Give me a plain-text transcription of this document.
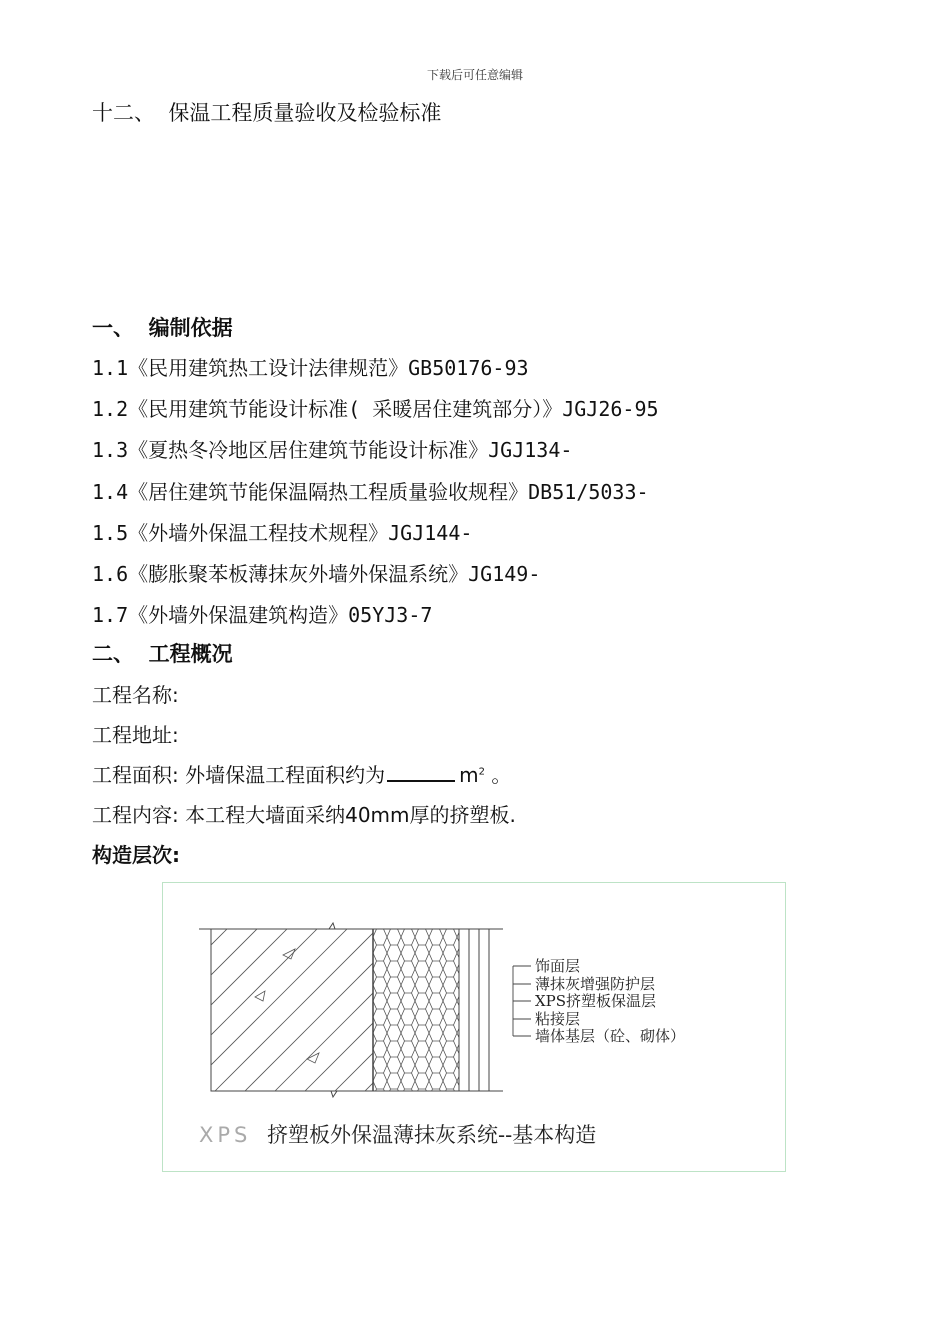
下载后可任意编辑
十二、  保温工程质量验收及检验标准
一、  编制依据
1.1《民用建筑热工设计法律规范》GB50176-93
1.2《民用建筑节能设计标准( 采暖居住建筑部分）》JGJ26-95
1.3《夏热冬冷地区居住建筑节能设计标准》JGJ134-
1.4《居住建筑节能保温隔热工程质量验收规程》DB51/5033-
1.5《外墙外保温工程技术规程》JGJ144-
1.6《膨胀聚苯板薄抹灰外墙外保温系统》JG149-
1.7《外墙外保温建筑构造》05YJ3-7
二、  工程概况
工程名称:
工程地址:
工程面积: 外墙保温工程面积约为	$m^2$ 。
工程内容: 本工程大墙面采纳40mm厚的挤塑板.
构造层次:
饰面层
薄抹灰增强防护层
XPS挤塑板保温层
粘接层
墙体基层（砼、砌体）
XPS 挤塑板外保温薄抹灰系统--基本构造
